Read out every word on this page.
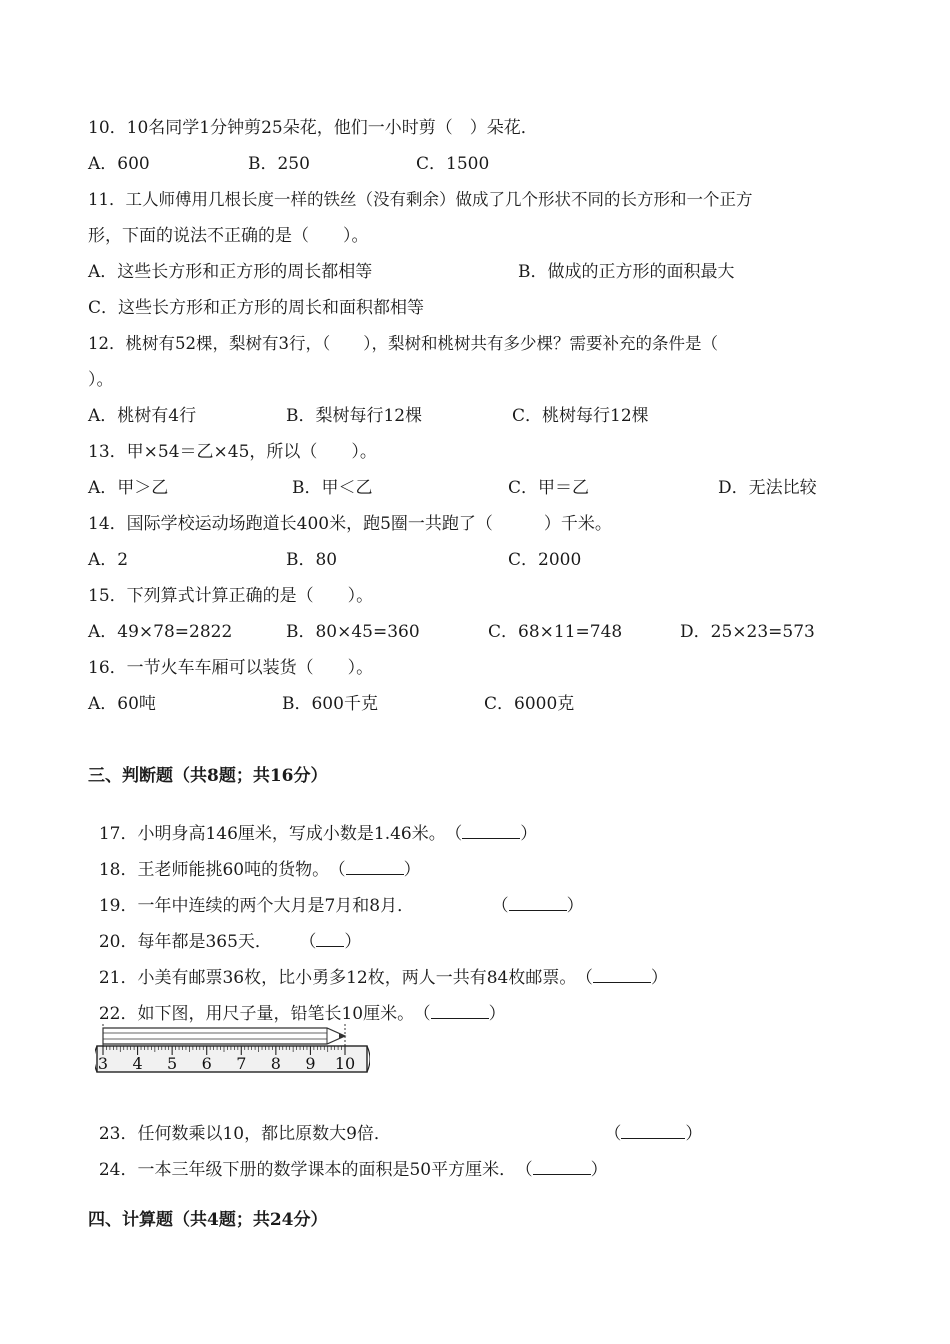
10．10名同学1分钟剪25朵花，他们一小时剪（　）朵花．
A．600	B．250	C．1500
11．工人师傅用几根长度一样的铁丝（没有剩余）做成了几个形状不同的长方形和一个正方
形，下面的说法不正确的是（　　）。
A．这些长方形和正方形的周长都相等	B．做成的正方形的面积最大
C．这些长方形和正方形的周长和面积都相等
12．桃树有52棵，梨树有3行，（　　），梨树和桃树共有多少棵？需要补充的条件是（
）。
A．桃树有4行	B．梨树每行12棵	C．桃树每行12棵
13．甲×54＝乙×45，所以（　　）。
A．甲＞乙	B．甲＜乙	C．甲＝乙	D．无法比较
14．国际学校运动场跑道长400米，跑5圈一共跑了（　　　）千米。
A．2	B．80	C．2000
15．下列算式计算正确的是（　　）。
A．49×78=2822	B．80×45=360	C．68×11=748	D．25×23=573
16．一节火车车厢可以装货（　　）。
A．60吨	B．600千克	C．6000克
三、判断题（共8题；共16分）

17．小明身高146厘米，写成小数是1.46米。 （	）

18．王老师能挑60吨的货物。 （	）

19．一年中连续的两个大月是7月和8月．	（	）

20．每年都是365天． （ ）

21．小美有邮票36枚，比小勇多12枚，两人一共有84枚邮票。 （	）

22．如下图，用尺子量，铅笔长10厘米。 （	）

3 4 5 6 7 8 9 10

23．任何数乘以10，都比原数大9倍．	（	）

24．一本三年级下册的数学课本的面积是50平方厘米． （	）

四、计算题（共4题；共24分）
